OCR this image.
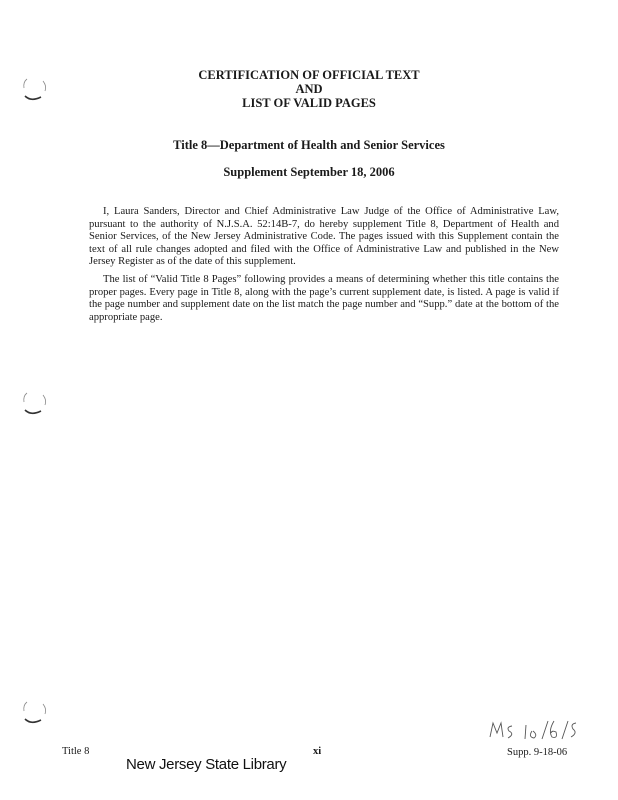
CERTIFICATION OF OFFICIAL TEXT
AND
LIST OF VALID PAGES
Title 8—Department of Health and Senior Services
Supplement September 18, 2006

I, Laura Sanders, Director and Chief Administrative Law Judge of the Office of Administrative Law, pursuant to the authority of N.J.S.A. 52:14B-7, do hereby supplement Title 8, Department of Health and Senior Services, of the New Jersey Administrative Code. The pages issued with this Supplement contain the text of all rule changes adopted and filed with the Office of Administrative Law and published in the New Jersey Register as of the date of this supplement.

The list of “Valid Title 8 Pages” following provides a means of determining whether this title contains the proper pages. Every page in Title 8, along with the page’s current supplement date, is listed. A page is valid if the page number and supplement date on the list match the page number and “Supp.” date at the bottom of the appropriate page.

Title 8	xi	Supp. 9-18-06
New Jersey State Library
